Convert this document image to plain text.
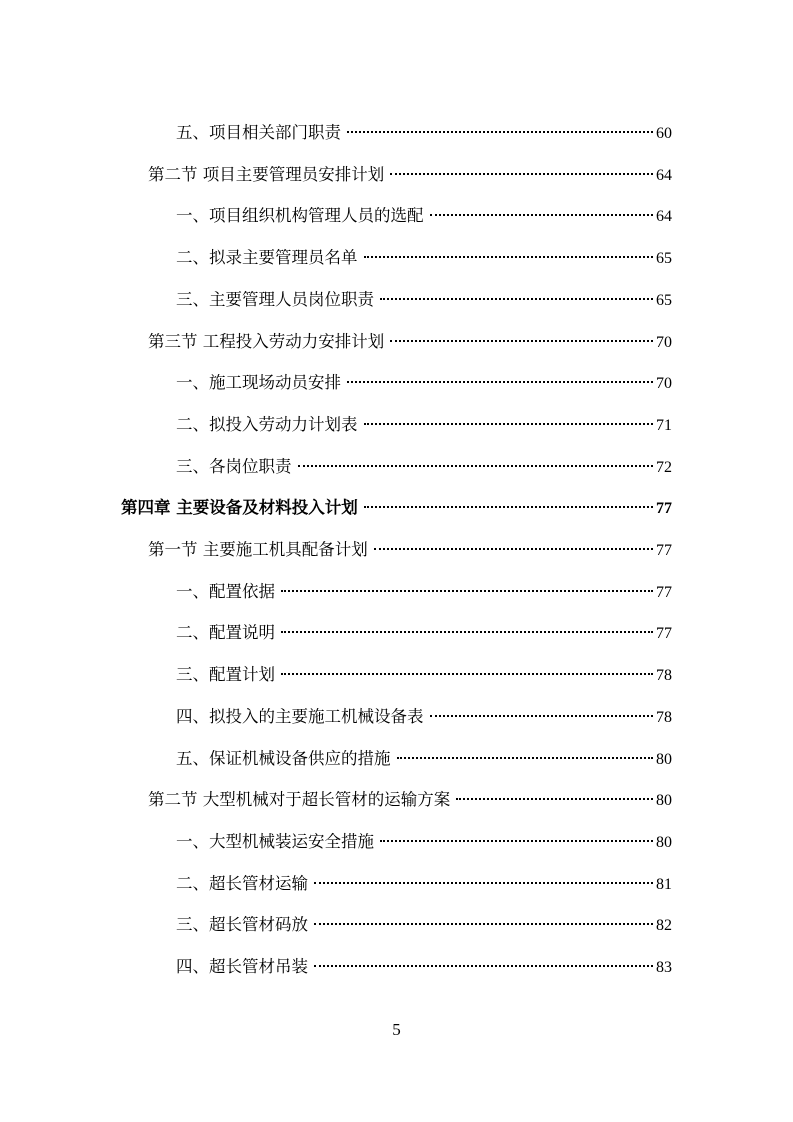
五、项目相关部门职责	60
第二节 项目主要管理员安排计划	64
一、项目组织机构管理人员的选配	64
二、拟录主要管理员名单	65
三、主要管理人员岗位职责	65
第三节 工程投入劳动力安排计划	70
一、施工现场动员安排	70
二、拟投入劳动力计划表	71
三、各岗位职责	72
第四章 主要设备及材料投入计划	77
第一节 主要施工机具配备计划	77
一、配置依据	77
二、配置说明	77
三、配置计划	78
四、拟投入的主要施工机械设备表	78
五、保证机械设备供应的措施	80
第二节 大型机械对于超长管材的运输方案	80
一、大型机械装运安全措施	80
二、超长管材运输	81
三、超长管材码放	82
四、超长管材吊装	83
5
